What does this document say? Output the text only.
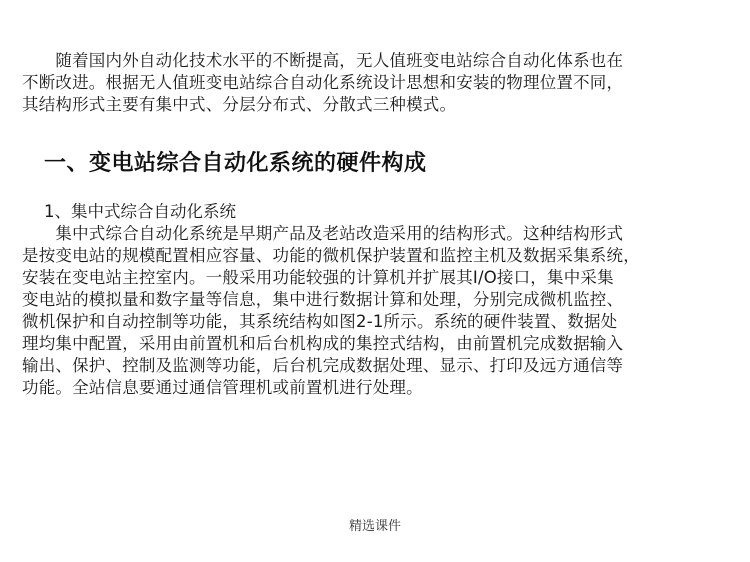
　　随着国内外自动化技术水平的不断提高，无人值班变电站综合自动化体系也在
不断改进。根据无人值班变电站综合自动化系统设计思想和安装的物理位置不同，
其结构形式主要有集中式、分层分布式、分散式三种模式。

一、变电站综合自动化系统的硬件构成

1、集中式综合自动化系统

　　集中式综合自动化系统是早期产品及老站改造采用的结构形式。这种结构形式
是按变电站的规模配置相应容量、功能的微机保护装置和监控主机及数据采集系统，
安装在变电站主控室内。一般采用功能较强的计算机并扩展其I/O接口，集中采集
变电站的模拟量和数字量等信息，集中进行数据计算和处理，分别完成微机监控、
微机保护和自动控制等功能，其系统结构如图2-1所示。系统的硬件装置、数据处
理均集中配置，采用由前置机和后台机构成的集控式结构，由前置机完成数据输入
输出、保护、控制及监测等功能，后台机完成数据处理、显示、打印及远方通信等
功能。全站信息要通过通信管理机或前置机进行处理。

精选课件
